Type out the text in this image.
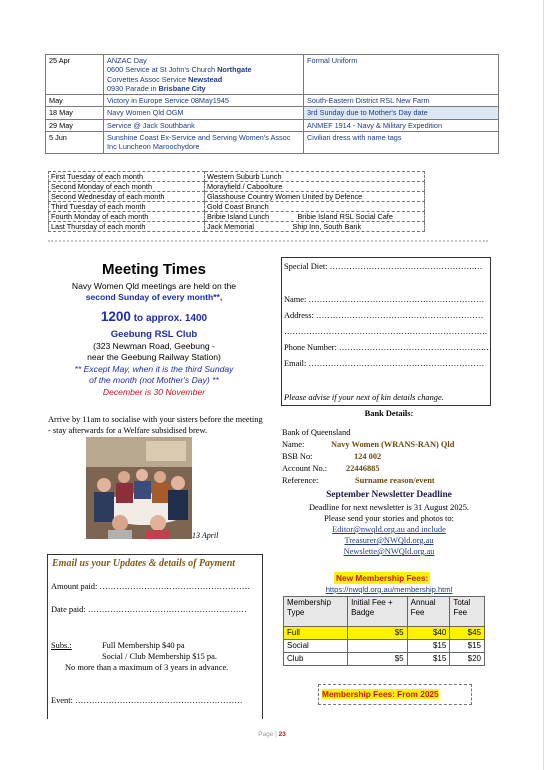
25 Apr	ANZAC Day
0600 Service at St John's Church Northgate
Corvettes Assoc Service Newstead
0930 Parade in Brisbane City	Formal Uniform
May	Victory in Europe Service 08May1945	South-Eastern District RSL New Farm
18 May	Navy Women Qld OGM	3rd Sunday due to Mother's Day date
29 May	Service @ Jack Southbank	ANMEF 1914 - Navy & Military Expedition
5 Jun	Sunshine Coast Ex-Service and Serving Women's Assoc Inc Luncheon Maroochydore	Civilian dress with name tags
First Tuesday of each month	Western Suburb Lunch
Second Monday of each month	Morayfield / Caboolture
Second Wednesday of each month	Glasshouse Country Women United by Defence
Third Tuesday of each month	Gold Coast Brunch
Fourth Monday of each month	Bribie Island Lunch              Bribie Island RSL Social Cafe
Last Thursday of each month	Jack Memorial                   Ship Inn, South Bank
Meeting Times
Navy Women Qld meetings are held on the
second Sunday of every month**,
1200 to approx. 1400
Geebung RSL Club
(323 Newman Road, Geebung -
near the Geebung Railway Station)
** Except May, when it is the third Sunday
of the month (not Mother's Day) **
December is 30 November
Arrive by 11am to socialise with your sisters before the meeting - stay afterwards for a Welfare subsidised brew.
13 April
Email us your Updates & details of Payment
Amount paid: ………………………………………………
Date paid: …………………………………………………
Subs.:	Full Membership $40 pa
Social / Club Membership $15 pa.
No more than a maximum of 3 years in advance.
Event: ……………………………………………………
Special Diet: …………………………………………….…
Name: ………………………………………………………
Address: ……………………………………………………
……………………………………………………………….
Phone Number: …………………………………………….…
Email: ………………………………………………………
Please advise if your next of kin details change.
Bank Details:
Bank of Queensland
Name:	Navy Women (WRANS-RAN) Qld
BSB No:	124 002
Account No.: 22446885
Reference:	Surname reason/event
September Newsletter Deadline
Deadline for next newsletter is 31 August 2025.
Please send your stories and photos to:
Editor@nwqld.org.au and include
Treasurer@NWQld.org.au
Newslette@NWQld.org.au
New Membership Fees:
https://nwqld.org.au/membership.html
Membership Type	Initial Fee + Badge	Annual Fee	Total Fee
Full	$5	$40	$45
Social		$15	$15
Club	$5	$15	$20
Membership Fees: From 2025
Page | 23
